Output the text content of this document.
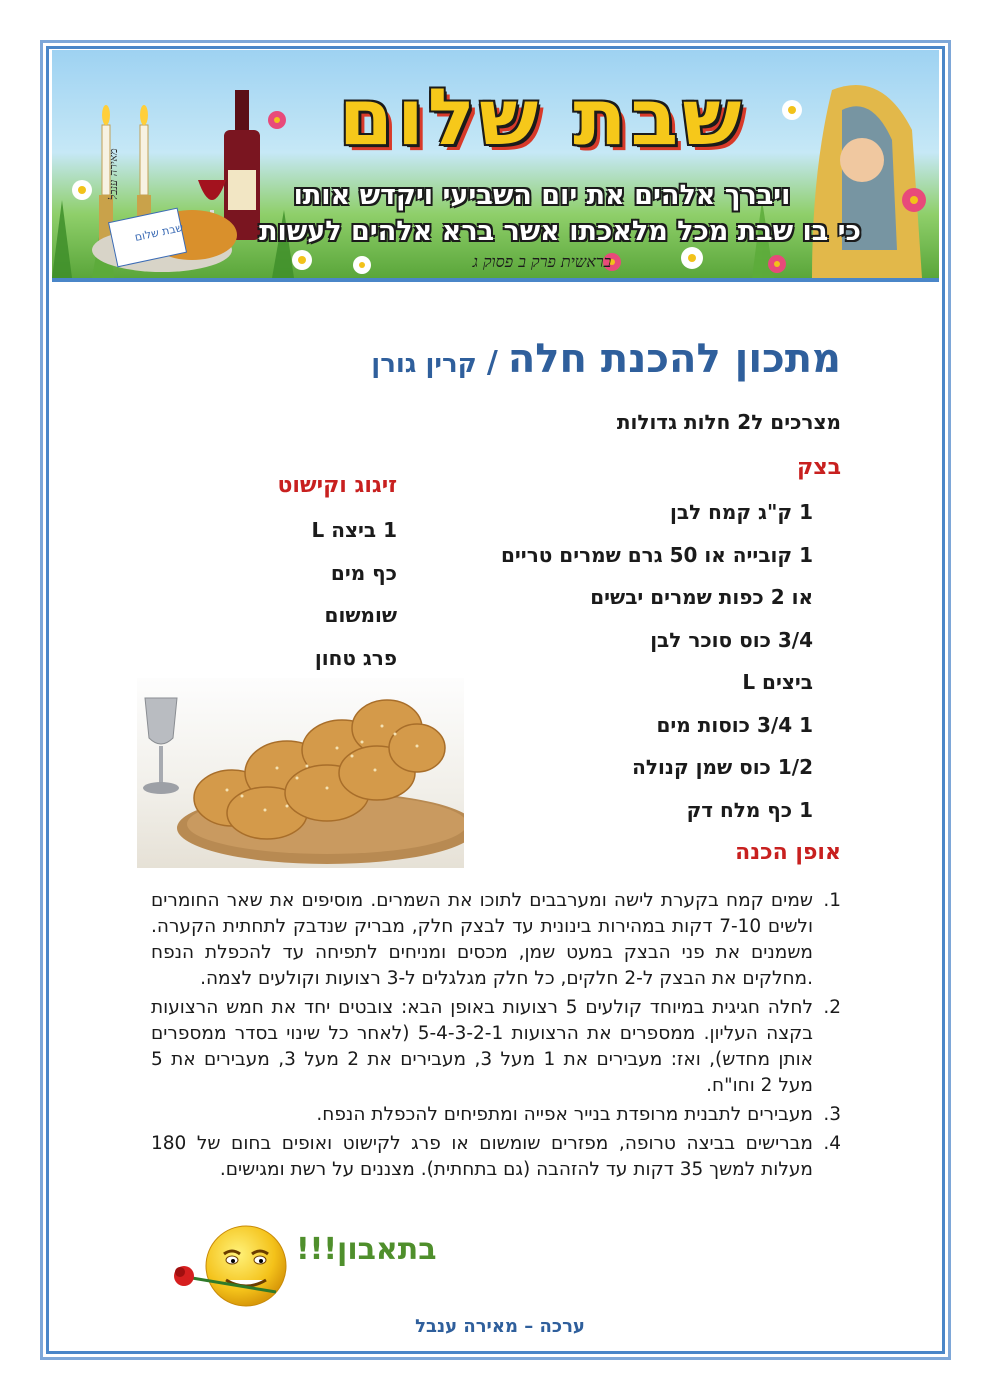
שבת שלום
ויברך אלהים את יום השביעי ויקדש אותו
כי בו שבת מכל מלאכתו אשר ברא אלהים לעשות
בראשית פרק ב פסוק ג
מאירה ענבל
שבת שלום
מתכון להכנת חלה/קרין גורן
מצרכים ל2 חלות גדולות
בצק
1 ק"ג קמח לבן
1 קובייה או 50 גרם שמרים טריים
או 2 כפות שמרים יבשים
3/4 כוס סוכר לבן
ביצים L
1 3/4 כוסות מים
1/2 כוס שמן קנולה
1 כף מלח דק
זיגוג וקישוט
1 ביצה L
כף מים
שומשום
פרג טחון
אופן הכנה
1.
שמים קמח בקערת לישה ומערבבים לתוכו את השמרים. מוסיפים את שאר החומרים ולשים 7-10 דקות במהירות בינונית עד לבצק חלק, מבריק שנדבק לתחתית הקערה. משמנים את פני הבצק במעט שמן, מכסים ומניחים לתפיחה עד להכפלת הנפח .מחלקים את הבצק ל-2 חלקים, כל חלק מגלגלים ל-3 רצועות וקולעים לצמה.
2.
לחלה חגיגית במיוחד קולעים 5 רצועות באופן הבא: צובטים יחד את חמש הרצועות בקצה העליון. ממספרים את הרצועות 5-4-3-2-1 (לאחר כל שינוי בסדר ממספרים אותן מחדש), ואז: מעבירים את 1 מעל 3, מעבירים את 2 מעל 3, מעבירים את 5 מעל 2 וחו"ח.
3.
מעבירים לתבנית מרופדת בנייר אפייה ומתפיחים להכפלת הנפח.
4.
מברישים בביצה טרופה, מפזרים שומשום או פרג לקישוט ואופים בחום של 180 מעלות למשך 35 דקות עד להזהבה (גם בתחתית). מצננים על רשת ומגישים.
בתאבון!!!
ערכה – מאירה ענבל
